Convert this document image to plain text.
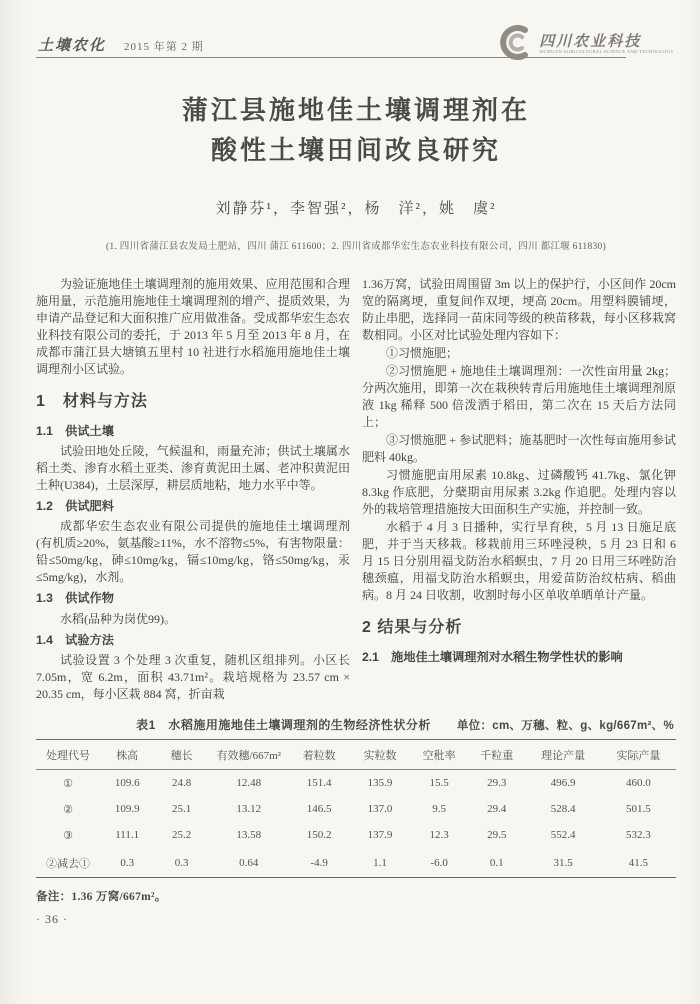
土壤农化 2015 年第 2 期	四川农业科技
SICHUAN AGRICULTURAL SCIENCE AND TECHNOLOGY
蒲江县施地佳土壤调理剂在
酸性土壤田间改良研究
刘静芬¹，李智强²，杨　洋²，姚　虞²
(1. 四川省蒲江县农发局土肥站，四川 蒲江 611600；2. 四川省成都华宏生态农业科技有限公司，四川 都江堰 611830)

为验证施地佳土壤调理剂的施用效果、应用范围和合理施用量，示范施用施地佳土壤调理剂的增产、提质效果，为申请产品登记和大面积推广应用做准备。受成都华宏生态农业科技有限公司的委托，于 2013 年 5 月至 2013 年 8 月，在成都市蒲江县大塘镇五里村 10 社进行水稻施用施地佳土壤调理剂小区试验。

1　材料与方法
1.1　供试土壤

试验田地处丘陵，气候温和，雨量充沛；供试土壤属水稻土类、渗育水稻土亚类、渗育黄泥田土属、老冲积黄泥田土种(U384)，土层深厚，耕层质地粘，地力水平中等。

1.2　供试肥料

成都华宏生态农业有限公司提供的施地佳土壤调理剂(有机质≥20%，氨基酸≥11%，水不溶物≤5%，有害物限量：铅≤50mg/kg，砷≤10mg/kg，镉≤10mg/kg，铬≤50mg/kg，汞≤5mg/kg)，水剂。

1.3　供试作物

水稻(品种为岗优99)。

1.4　试验方法

试验设置 3 个处理 3 次重复，随机区组排列。小区长 7.05m，宽 6.2m，面积 43.71m²。栽培规格为 23.57 cm × 20.35 cm，每小区栽 884 窝，折亩栽

1.36万窝，试验田周围留 3m 以上的保护行，小区间作 20cm 宽的隔离埂，重复间作双埂，埂高 20cm。用塑料膜铺埂，防止串肥，选择同一苗床同等级的秧苗移栽，每小区移栽窝数相同。小区对比试验处理内容如下：

①习惯施肥；

②习惯施肥 + 施地佳土壤调理剂：一次性亩用量 2kg；分两次施用，即第一次在栽秧转青后用施地佳土壤调理剂原液 1kg 稀释 500 倍泼洒于稻田，第二次在 15 天后方法同上；

③习惯施肥 + 参试肥料；施基肥时一次性每亩施用参试肥料 40kg。

习惯施肥亩用尿素 10.8kg、过磷酸钙 41.7kg、氯化钾 8.3kg 作底肥，分蘖期亩用尿素 3.2kg 作追肥。处理内容以外的栽培管理措施按大田面积生产实施，并控制一致。

水稻于 4 月 3 日播种，实行旱育秧，5 月 13 日施足底肥，并于当天移栽。移栽前用三环唑浸秧，5 月 23 日和 6 月 15 日分别用福戈防治水稻螟虫，7 月 20 日用三环唑防治穗颈瘟，用福戈防治水稻螟虫，用爱苗防治纹枯病、稻曲病。8 月 24 日收割，收割时每小区单收单晒单计产量。

2 结果与分析
2.1　施地佳土壤调理剂对水稻生物学性状的影响
表1　水稻施用施地佳土壤调理剂的生物经济性状分析 单位：cm、万穗、粒、g、kg/667m²、%
处理代号	株高	穗长	有效穗/667m²	着粒数	实粒数	空秕率	千粒重	理论产量	实际产量
①	109.6	24.8	12.48	151.4	135.9	15.5	29.3	496.9	460.0
②	109.9	25.1	13.12	146.5	137.0	9.5	29.4	528.4	501.5
③	111.1	25.2	13.58	150.2	137.9	12.3	29.5	552.4	532.3
②减去①	0.3	0.3	0.64	-4.9	1.1	-6.0	0.1	31.5	41.5
备注：1.36 万窝/667m²。
· 36 ·
